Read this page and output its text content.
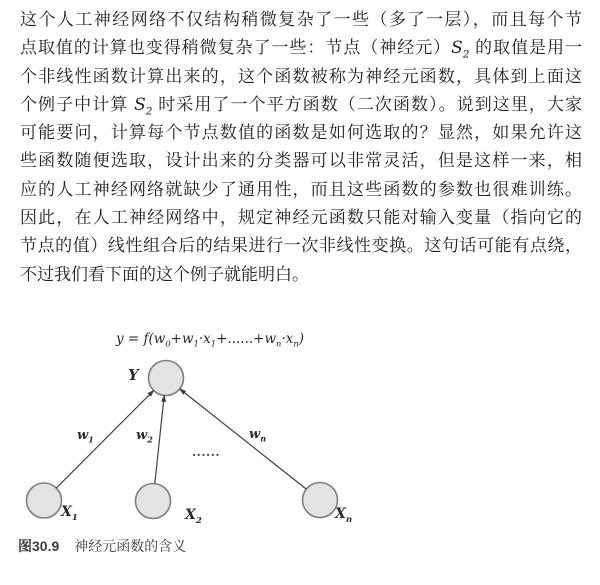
这个人工神经网络不仅结构稍微复杂了一些（多了一层），而且每个节
点取值的计算也变得稍微复杂了一些：节点（神经元）$S_2$ 的取值是用一
个非线性函数计算出来的，这个函数被称为神经元函数，具体到上面这
个例子中计算 $S_2$ 时采用了一个平方函数（二次函数）。说到这里，大家
可能要问，计算每个节点数值的函数是如何选取的？显然，如果允许这
些函数随便选取，设计出来的分类器可以非常灵活，但是这样一来，相
应的人工神经网络就缺少了通用性，而且这些函数的参数也很难训练。
因此，在人工神经网络中，规定神经元函数只能对输入变量（指向它的
节点的值）线性组合后的结果进行一次非线性变换。这句话可能有点绕，
不过我们看下面的这个例子就能明白。
$y = f(w_0+w_1\cdot x_1+......+w_n\cdot x_n)$
Y
$w_1$	$w_2$	$w_n$
......
$X_1$	$X_2$	$X_n$
图30.9 神经元函数的含义
